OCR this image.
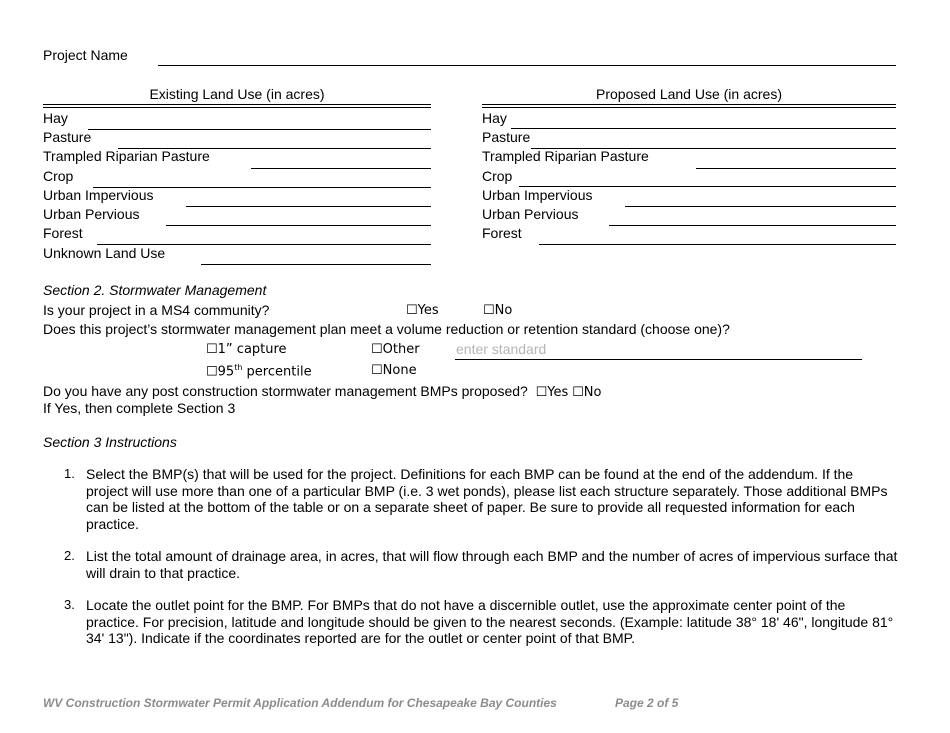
Project Name
Existing Land Use (in acres)
Hay
Pasture
Trampled Riparian Pasture
Crop
Urban Impervious
Urban Pervious
Forest
Unknown Land Use
Proposed Land Use (in acres)
Hay
Pasture
Trampled Riparian Pasture
Crop
Urban Impervious
Urban Pervious
Forest
Section 2. Stormwater Management
Is your project in a MS4 community?	☐Yes	☐No
Does this project’s stormwater management plan meet a volume reduction or retention standard (choose one)?
☐1” capture	☐Other	enter standard
☐95th percentile	☐None
Do you have any post construction stormwater management BMPs proposed? ☐Yes ☐No
If Yes, then complete Section 3
Section 3 Instructions
1. Select the BMP(s) that will be used for the project. Definitions for each BMP can be found at the end of the addendum. If the project will use more than one of a particular BMP (i.e. 3 wet ponds), please list each structure separately. Those additional BMPs can be listed at the bottom of the table or on a separate sheet of paper. Be sure to provide all requested information for each practice.
2. List the total amount of drainage area, in acres, that will flow through each BMP and the number of acres of impervious surface that will drain to that practice.
3. Locate the outlet point for the BMP. For BMPs that do not have a discernible outlet, use the approximate center point of the practice. For precision, latitude and longitude should be given to the nearest seconds. (Example: latitude 38° 18' 46", longitude 81° 34' 13"). Indicate if the coordinates reported are for the outlet or center point of that BMP.
WV Construction Stormwater Permit Application Addendum for Chesapeake Bay Counties	Page 2 of 5
